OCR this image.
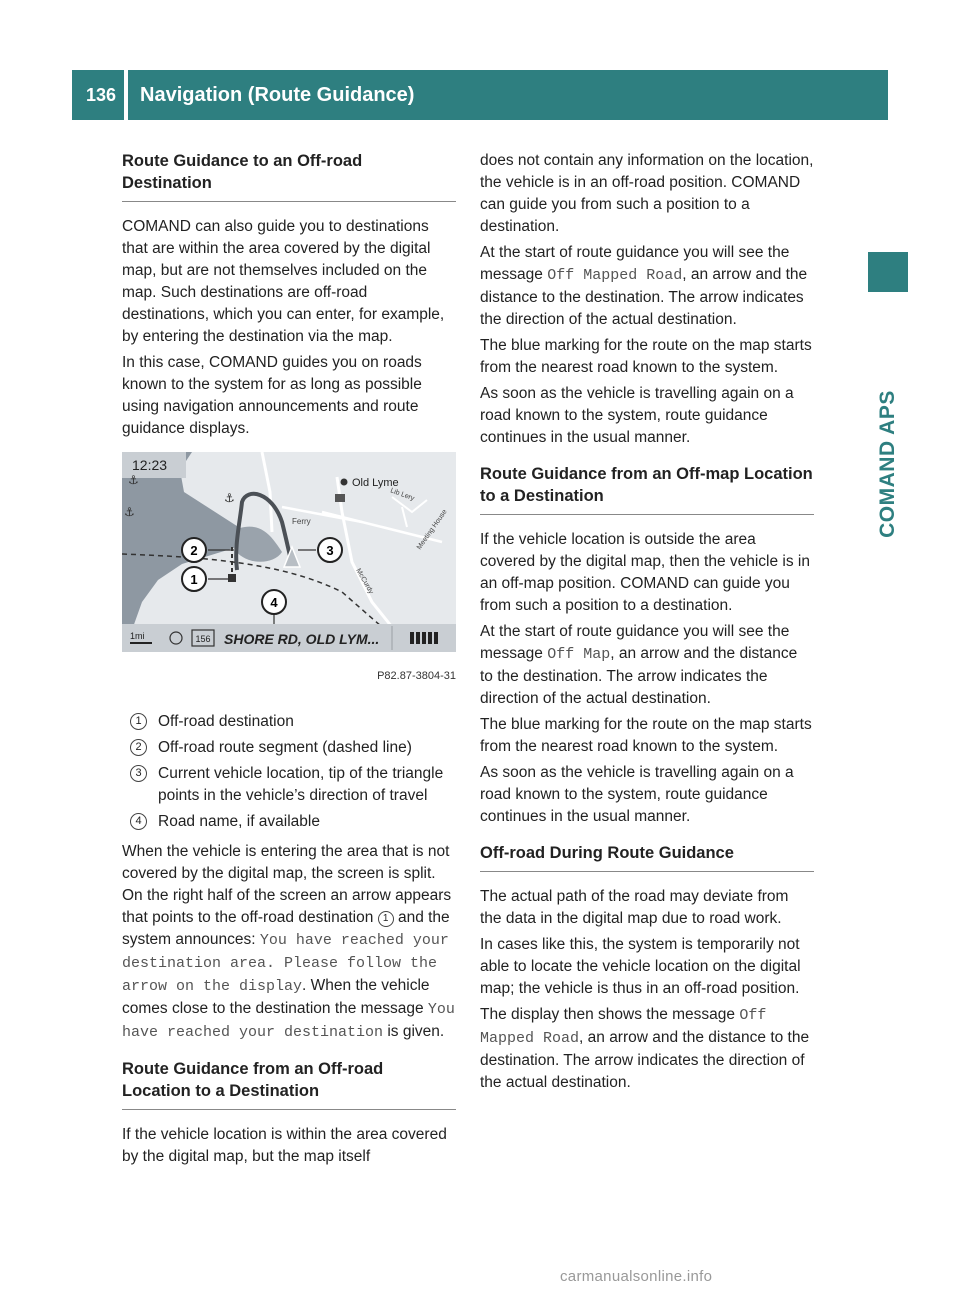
136	Navigation (Route Guidance)
COMAND APS
Route Guidance to an Off-road Destination

COMAND can also guide you to destinations that are within the area covered by the digital map, but are not themselves included on the map. Such destinations are off-road destinations, which you can enter, for example, by entering the destination via the map.

In this case, COMAND guides you on roads known to the system for as long as possible using navigation announcements and route guidance displays.

Old Lyme
Ferry
Lib Lery
McCurdy
Meeting House
12:23
⚓
⚓
⚓
2
1
3
4
1mi	156 SHORE RD, OLD LYM...
P82.87-3804-31
1	Off-road destination
2	Off-road route segment (dashed line)
3	Current vehicle location, tip of the triangle points in the vehicle’s direction of travel
4	Road name, if available

When the vehicle is entering the area that is not covered by the digital map, the screen is split. On the right half of the screen an arrow appears that points to the off-road destination 1 and the system announces: You have reached your destination area. Please follow the arrow on the display. When the vehicle comes close to the destination the message You have reached your destination is given.

Route Guidance from an Off-road Location to a Destination

If the vehicle location is within the area covered by the digital map, but the map itself

does not contain any information on the location, the vehicle is in an off-road position. COMAND can guide you from such a position to a destination.

At the start of route guidance you will see the message Off Mapped Road, an arrow and the distance to the destination. The arrow indicates the direction of the actual destination.

The blue marking for the route on the map starts from the nearest road known to the system.

As soon as the vehicle is travelling again on a road known to the system, route guidance continues in the usual manner.

Route Guidance from an Off-map Location to a Destination

If the vehicle location is outside the area covered by the digital map, then the vehicle is in an off-map position. COMAND can guide you from such a position to a destination.

At the start of route guidance you will see the message Off Map, an arrow and the distance to the destination. The arrow indicates the direction of the actual destination.

The blue marking for the route on the map starts from the nearest road known to the system.

As soon as the vehicle is travelling again on a road known to the system, route guidance continues in the usual manner.

Off-road During Route Guidance

The actual path of the road may deviate from the data in the digital map due to road work.

In cases like this, the system is temporarily not able to locate the vehicle location on the digital map; the vehicle is thus in an off-road position.

The display then shows the message Off Mapped Road, an arrow and the distance to the destination. The arrow indicates the direction of the actual destination.

carmanualsonline.info
